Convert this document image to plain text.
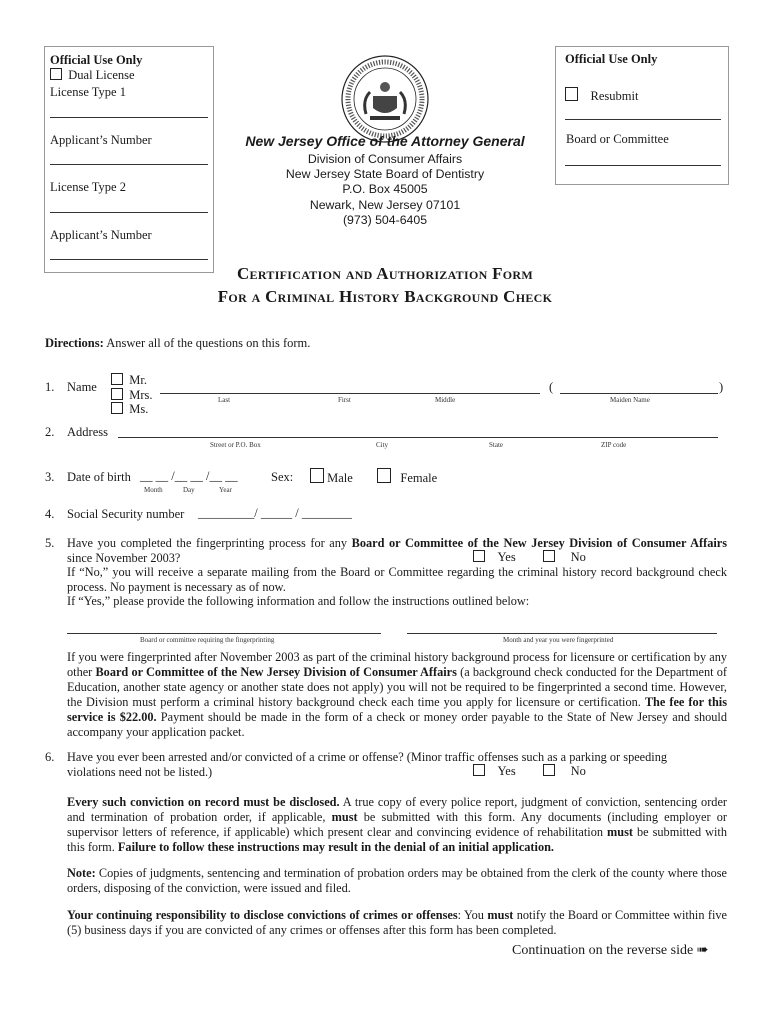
Official Use Only
Dual License
License Type 1
Applicant’s Number
License Type 2
Applicant’s Number
Official Use Only
Resubmit
Board or Committee
New Jersey Office of the Attorney General
Division of Consumer Affairs
New Jersey State Board of Dentistry
P.O. Box 45005
Newark, New Jersey 07101
(973) 504-6405
Certification and Authorization Form
For a Criminal History Background Check
Directions: Answer all of the questions on this form.
1. Name	Mr.
Mrs.
Ms.
Last	First	Middle
(	)
Maiden Name
2. Address
Street or P.O. Box	City	State	ZIP code
3. Date of birth __ __ /__ __ /__ __
Month	Day	Year
Sex:	Male	Female
4. Social Security number _________/ _____ / ________
5. Have you completed the fingerprinting process for any Board or Committee of the New Jersey Division of Consumer Affairs since November 2003?	Yes	No
If “No,” you will receive a separate mailing from the Board or Committee regarding the criminal history record background check process. No payment is necessary as of now.
If “Yes,” please provide the following information and follow the instructions outlined below:
Board or committee requiring the fingerprinting	Month and year you were fingerprinted
If you were fingerprinted after November 2003 as part of the criminal history background process for licensure or certification by any other Board or Committee of the New Jersey Division of Consumer Affairs (a background check conducted for the Department of Education, another state agency or another state does not apply) you will not be required to be fingerprinted a second time. However, the Division must perform a criminal history background check each time you apply for licensure or certification. The fee for this service is $22.00. Payment should be made in the form of a check or money order payable to the State of New Jersey and should accompany your application packet.
6. Have you ever been arrested and/or convicted of a crime or offense? (Minor traffic offenses such as a parking or speeding violations need not be listed.)	Yes	No
Every such conviction on record must be disclosed. A true copy of every police report, judgment of conviction, sentencing order and termination of probation order, if applicable, must be submitted with this form. Any documents (including employer or supervisor letters of reference, if applicable) which present clear and convincing evidence of rehabilitation must be submitted with this form. Failure to follow these instructions may result in the denial of an initial application.
Note: Copies of judgments, sentencing and termination of probation orders may be obtained from the clerk of the county where those orders, disposing of the conviction, were issued and filed.
Your continuing responsibility to disclose convictions of crimes or offenses: You must notify the Board or Committee within five (5) business days if you are convicted of any crimes or offenses after this form has been completed.
Continuation on the reverse side ➠
